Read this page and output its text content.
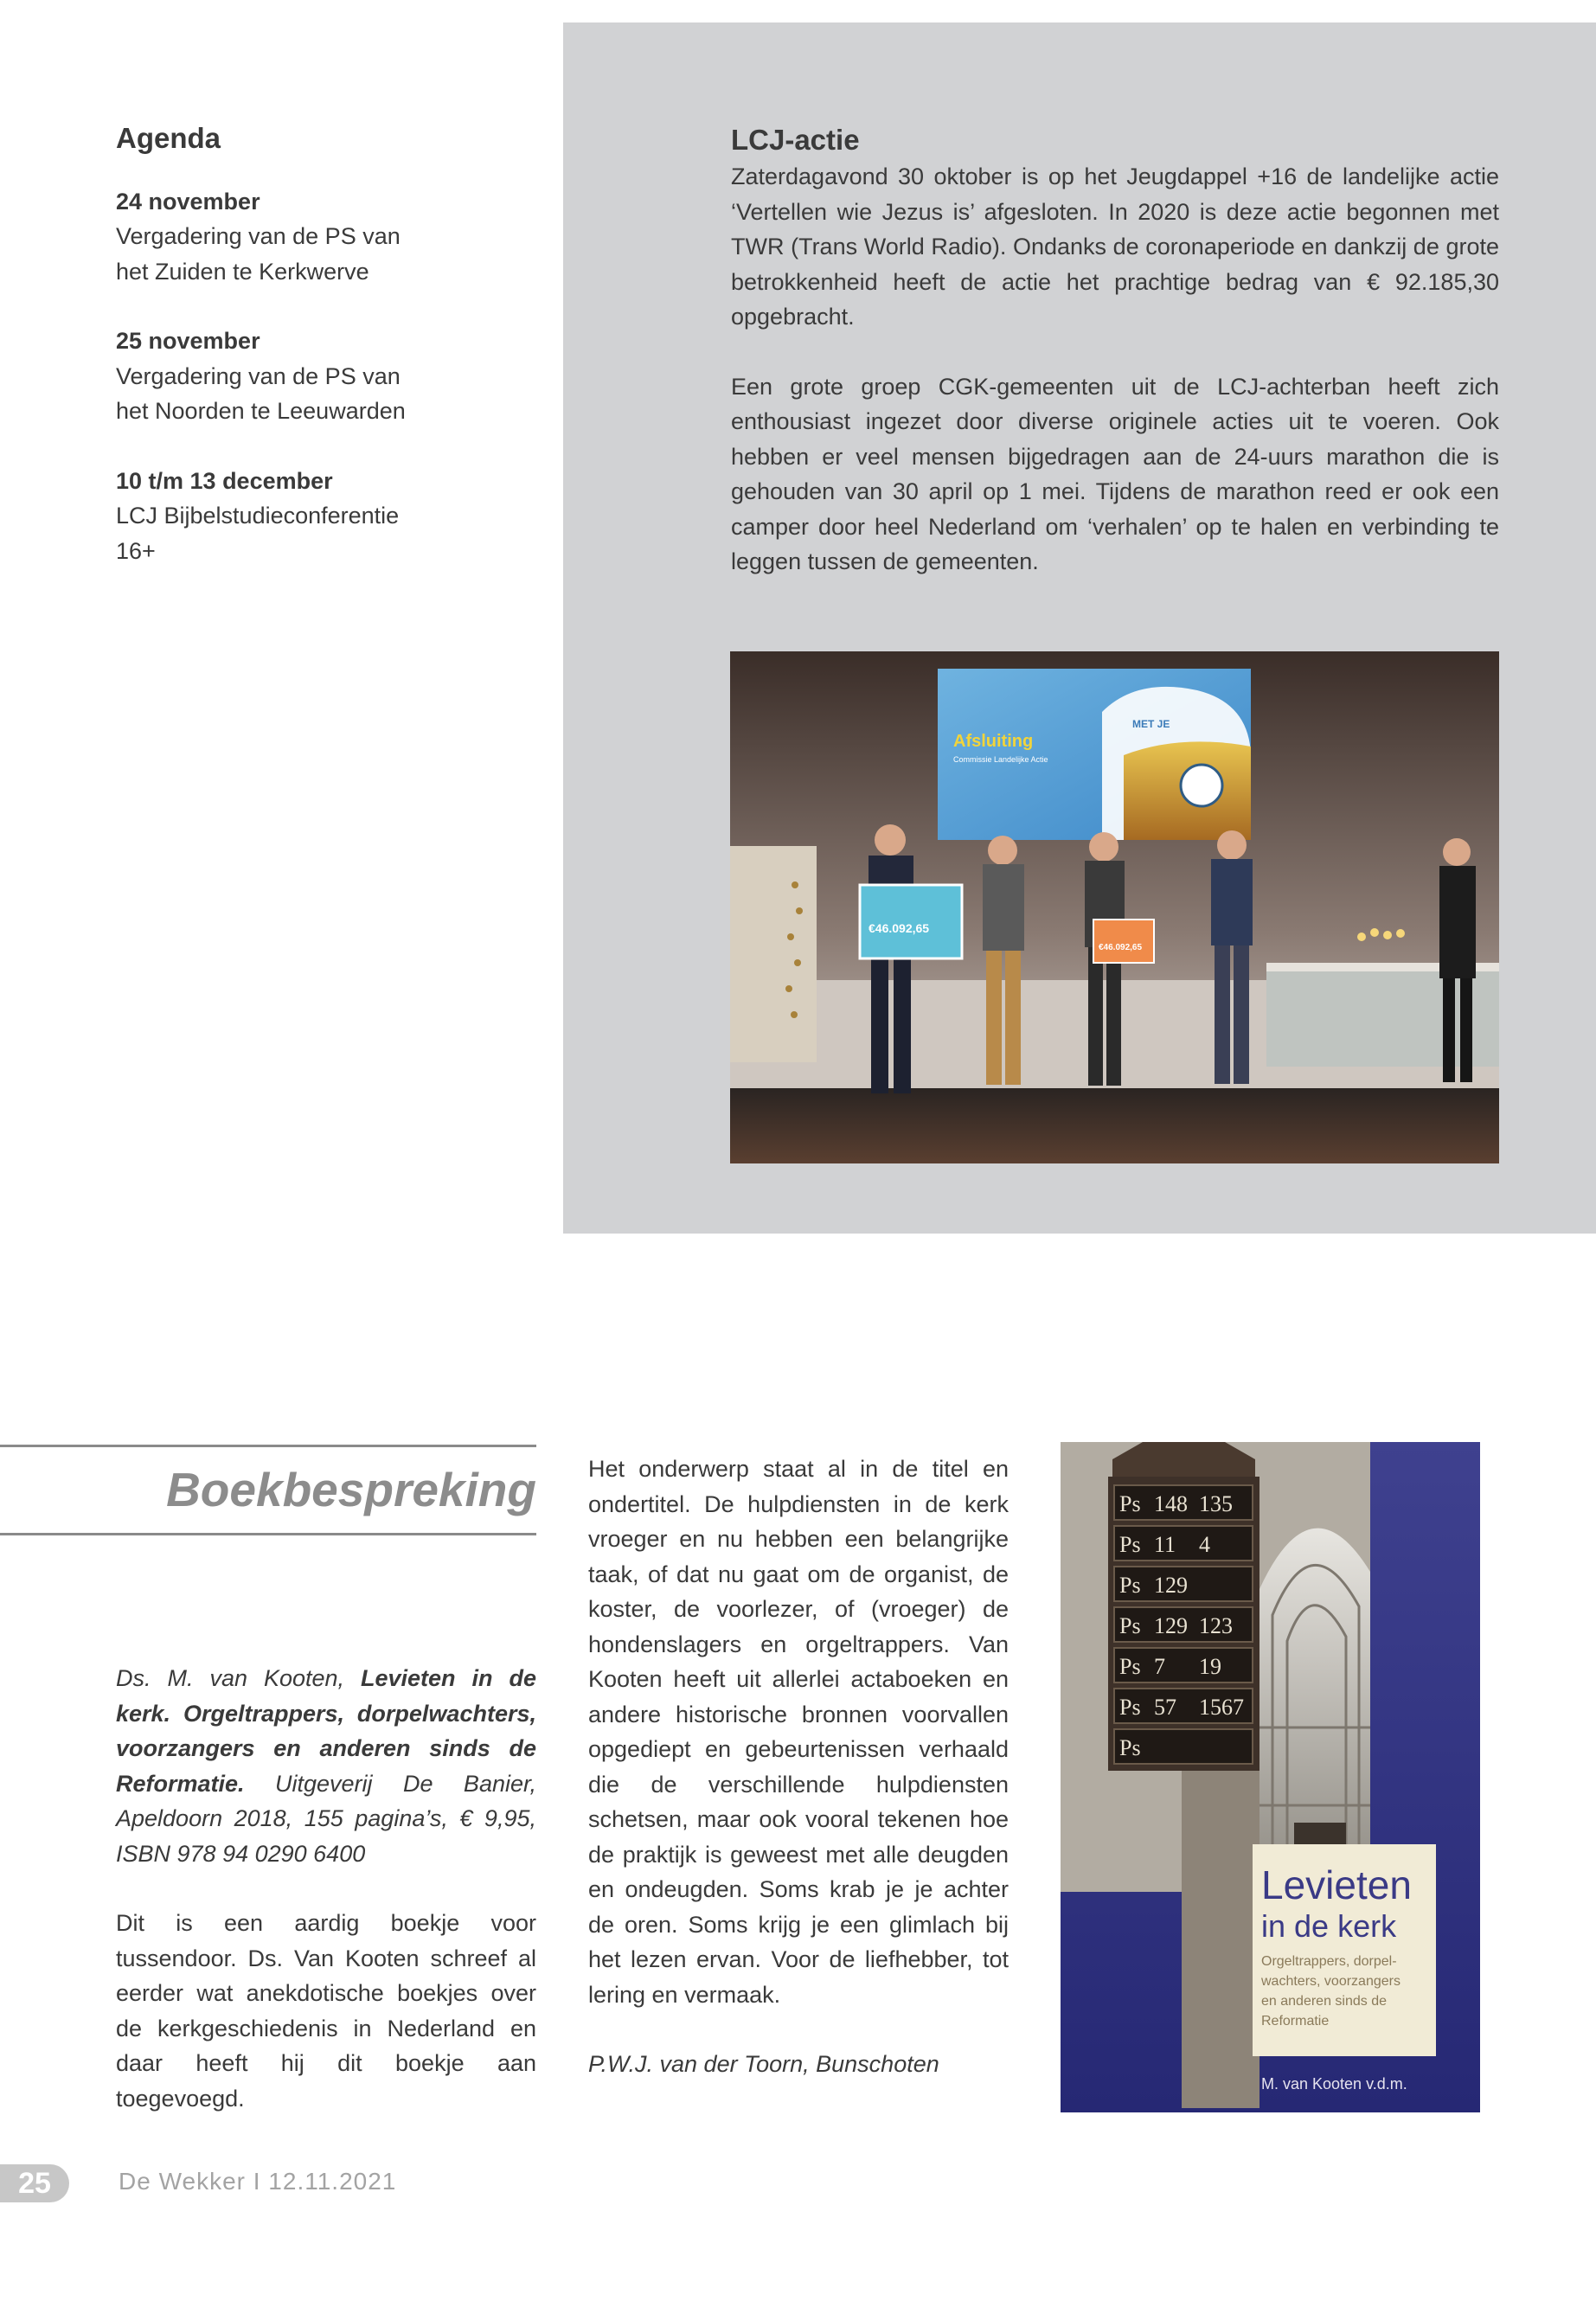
Agenda
24 november
Vergadering van de PS van
het Zuiden te Kerkwerve
25 november
Vergadering van de PS van
het Noorden te Leeuwarden
10 t/m 13 december
LCJ Bijbelstudieconferentie
16+
LCJ-actie

Zaterdagavond 30 oktober is op het Jeugdappel +16 de landelijke actie ‘Vertellen wie Jezus is’ afgesloten. In 2020 is deze actie begonnen met TWR (Trans World Radio). Ondanks de coronaperiode en dankzij de grote betrokkenheid heeft de actie het prachtige bedrag van € 92.185,30 opgebracht.

Een grote groep CGK-gemeenten uit de LCJ-achterban heeft zich enthousiast ingezet door diverse originele acties uit te voeren. Ook hebben er veel mensen bijgedragen aan de 24-uurs marathon die is gehouden van 30 april op 1 mei. Tijdens de marathon reed er ook een camper door heel Nederland om ‘verhalen’ op te halen en verbinding te leggen tussen de gemeenten.

Afsluiting
Commissie Landelijke Actie
MET JE
€46.092,65
€46.092,65
Boekbespreking

Ds. M. van Kooten, Levieten in de kerk. Orgeltrappers, dorpelwachters, voorzangers en anderen sinds de Reformatie. Uitgeverij De Banier, Apeldoorn 2018, 155 pagina’s, € 9,95, ISBN 978 94 0290 6400

Dit is een aardig boekje voor tussendoor. Ds. Van Kooten schreef al eerder wat anekdotische boekjes over de kerkgeschiedenis in Nederland en daar heeft hij dit boekje aan toegevoegd.

Het onderwerp staat al in de titel en ondertitel. De hulpdiensten in de kerk vroeger en nu hebben een belangrijke taak, of dat nu gaat om de organist, de koster, de voorlezer, of (vroeger) de hondenslagers en orgeltrappers. Van Kooten heeft uit allerlei actaboeken en andere historische bronnen voorvallen opgediept en gebeurtenissen verhaald die de verschillende hulpdiensten schetsen, maar ook vooral tekenen hoe de praktijk is geweest met alle deugden en ondeugden. Soms krab je je achter de oren. Soms krijg je een glimlach bij het lezen ervan. Voor de liefhebber, tot lering en vermaak.

P.W.J. van der Toorn, Bunschoten

Ps 148 135
Ps 11 4
Ps 129
Ps 129 123
Ps 7 19
Ps 57 1567
Ps
Levieten
in de kerk
Orgeltrappers, dorpel-
wachters, voorzangers
en anderen sinds de
Reformatie
M. van Kooten v.d.m.
25	De Wekker I 12.11.2021
